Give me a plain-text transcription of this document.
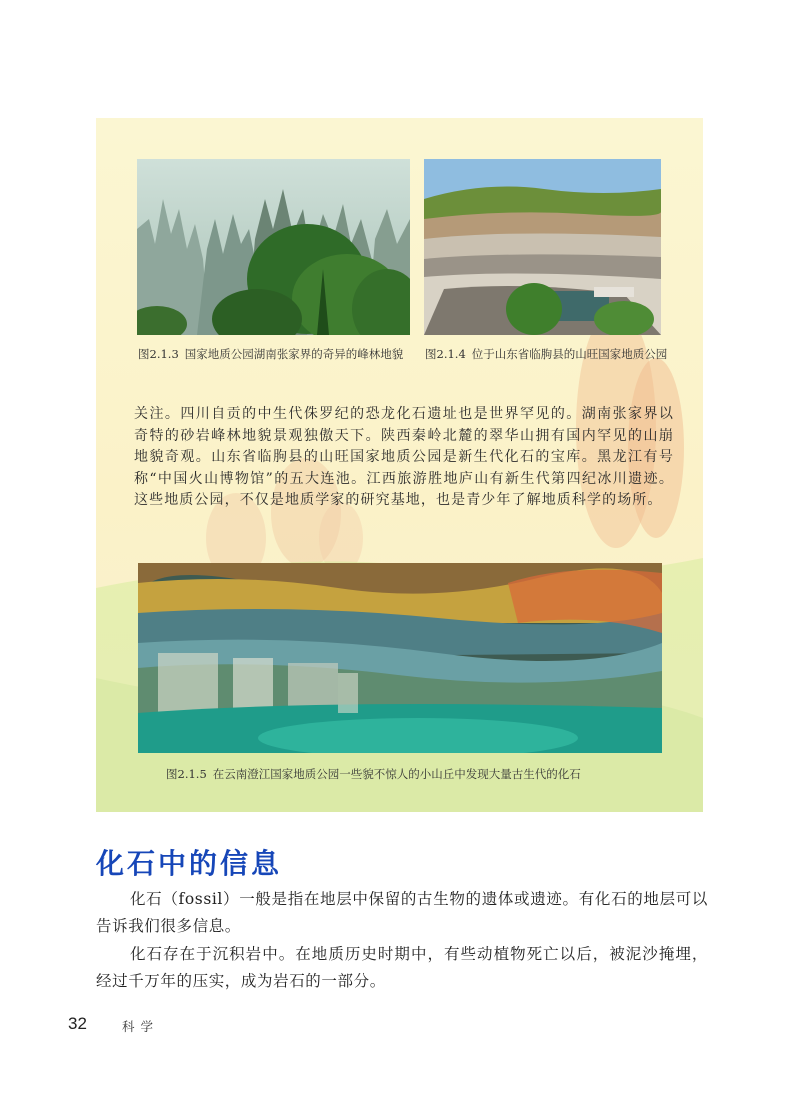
图2.1.3 国家地质公园湖南张家界的奇异的峰林地貌	图2.1.4 位于山东省临朐县的山旺国家地质公园
图2.1.5 在云南澄江国家地质公园一些貌不惊人的小山丘中发现大量古生代的化石
关注。四川自贡的中生代侏罗纪的恐龙化石遗址也是世界罕见的。湖南张家界以奇特的砂岩峰林地貌景观独傲天下。陕西秦岭北麓的翠华山拥有国内罕见的山崩地貌奇观。山东省临朐县的山旺国家地质公园是新生代化石的宝库。黑龙江有号称“中国火山博物馆”的五大连池。江西旅游胜地庐山有新生代第四纪冰川遗迹。这些地质公园，不仅是地质学家的研究基地，也是青少年了解地质科学的场所。
化石中的信息

化石（fossil）一般是指在地层中保留的古生物的遗体或遗迹。有化石的地层可以告诉我们很多信息。

化石存在于沉积岩中。在地质历史时期中，有些动植物死亡以后，被泥沙掩埋，经过千万年的压实，成为岩石的一部分。

32	科学
